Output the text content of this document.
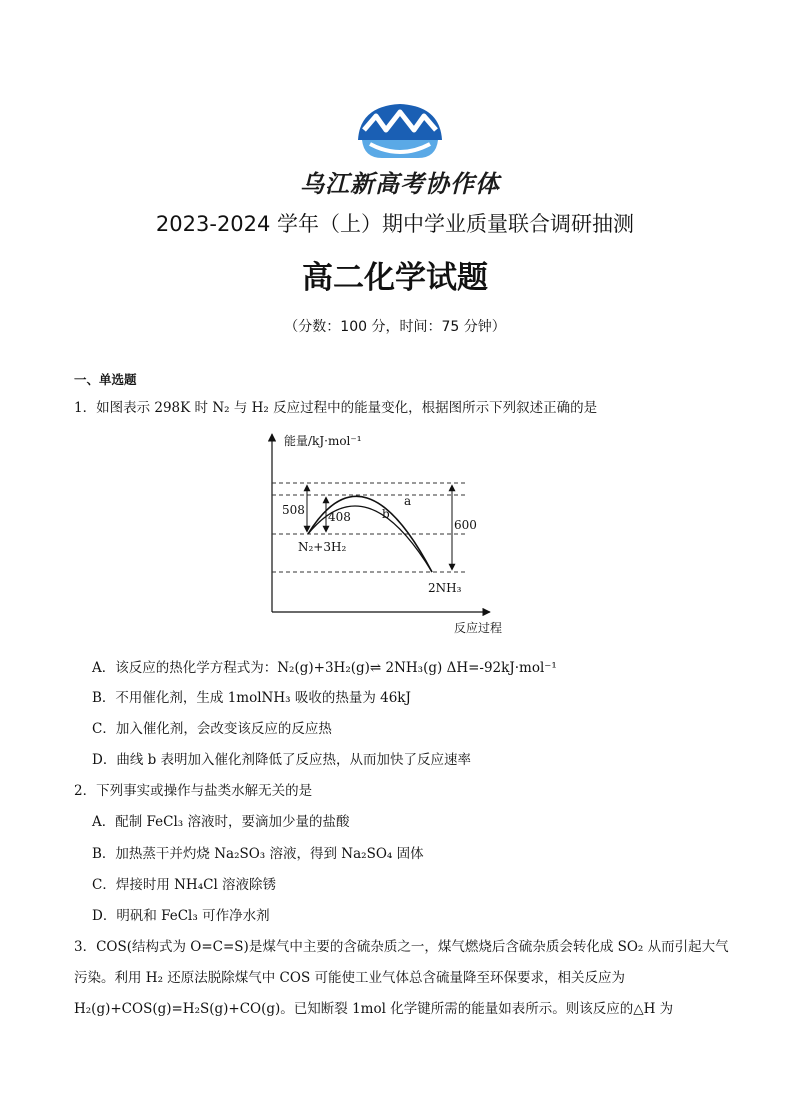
乌江新高考协作体
2023-2024 学年（上）期中学业质量联合调研抽测
高二化学试题
（分数：100 分，时间：75 分钟）
一、单选题
1．如图表示 298K 时 N₂ 与 H₂ 反应过程中的能量变化，根据图所示下列叙述正确的是
能量/kJ·mol⁻¹
反应过程
a
b
508 408
600
N₂+3H₂
2NH₃
A．该反应的热化学方程式为：N₂(g)+3H₂(g)⇌ 2NH₃(g) ΔH=-92kJ·mol⁻¹
B．不用催化剂，生成 1molNH₃ 吸收的热量为 46kJ
C．加入催化剂，会改变该反应的反应热
D．曲线 b 表明加入催化剂降低了反应热，从而加快了反应速率
2．下列事实或操作与盐类水解无关的是
A．配制 FeCl₃ 溶液时，要滴加少量的盐酸
B．加热蒸干并灼烧 Na₂SO₃ 溶液，得到 Na₂SO₄ 固体
C．焊接时用 NH₄Cl 溶液除锈
D．明矾和 FeCl₃ 可作净水剂
3．COS(结构式为 O=C=S)是煤气中主要的含硫杂质之一，煤气燃烧后含硫杂质会转化成 SO₂ 从而引起大气
污染。利用 H₂ 还原法脱除煤气中 COS 可能使工业气体总含硫量降至环保要求，相关反应为
H₂(g)+COS(g)=H₂S(g)+CO(g)。已知断裂 1mol 化学键所需的能量如表所示。则该反应的△H 为
